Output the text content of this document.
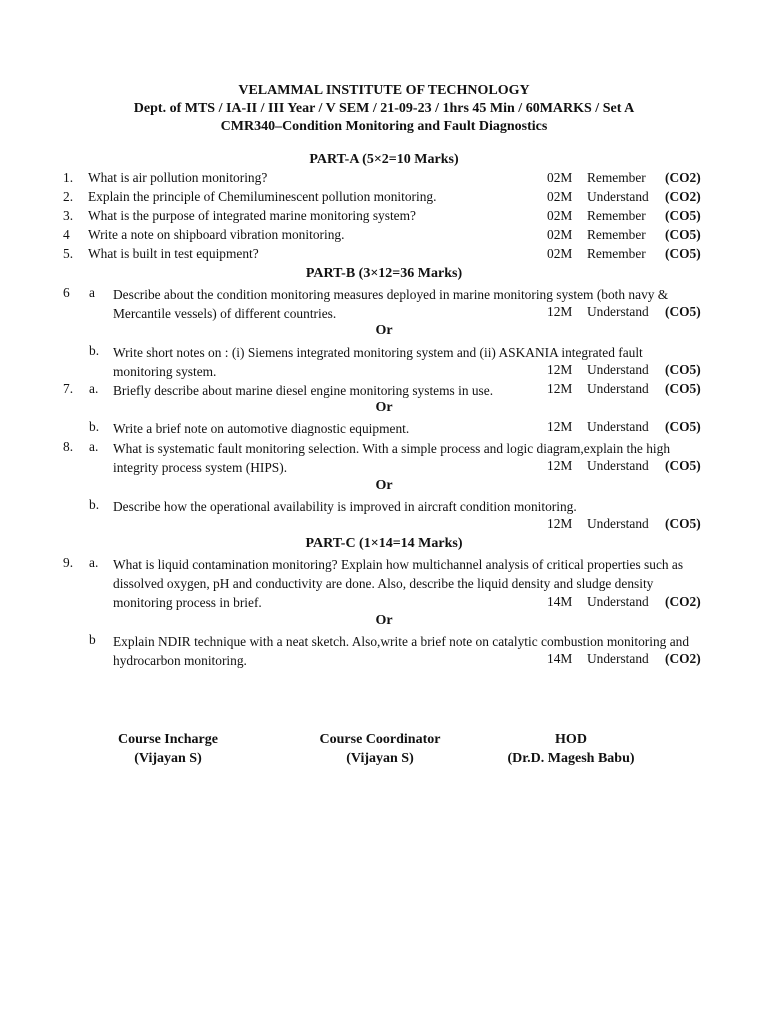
VELAMMAL INSTITUTE OF TECHNOLOGY
Dept. of MTS / IA-II / III Year / V SEM / 21-09-23 / 1hrs 45 Min / 60MARKS / Set A
CMR340–Condition Monitoring and Fault Diagnostics
PART-A (5×2=10 Marks)
1. What is air pollution monitoring?	02M Remember (CO2)
2. Explain the principle of Chemiluminescent pollution monitoring.	02M Understand (CO2)
3. What is the purpose of integrated marine monitoring system?	02M Remember (CO5)
4 Write a note on shipboard vibration monitoring.	02M Remember (CO5)
5. What is built in test equipment?	02M Remember (CO5)
PART-B (3×12=36 Marks)
6 a Describe about the condition monitoring measures deployed in marine monitoring system (both navy & Mercantile vessels) of different countries.	12M Understand (CO5)
Or
b. Write short notes on : (i) Siemens integrated monitoring system and (ii) ASKANIA integrated fault monitoring system.	12M Understand (CO5)
7. a. Briefly describe about marine diesel engine monitoring systems in use.	12M Understand (CO5)
Or
b. Write a brief note on automotive diagnostic equipment.	12M Understand (CO5)
8. a. What is systematic fault monitoring selection. With a simple process and logic diagram,explain the high integrity process system (HIPS).	12M Understand (CO5)
Or
b. Describe how the operational availability is improved in aircraft condition monitoring.
12M Understand (CO5)
PART-C (1×14=14 Marks)
9. a. What is liquid contamination monitoring? Explain how multichannel analysis of critical properties such as dissolved oxygen, pH and conductivity are done. Also, describe the liquid density and sludge density monitoring process in brief.	14M Understand (CO2)
Or
b Explain NDIR technique with a neat sketch. Also,write a brief note on catalytic combustion monitoring and hydrocarbon monitoring.	14M Understand (CO2)
Course Incharge
(Vijayan S)
Course Coordinator
(Vijayan S)
HOD
(Dr.D. Magesh Babu)
